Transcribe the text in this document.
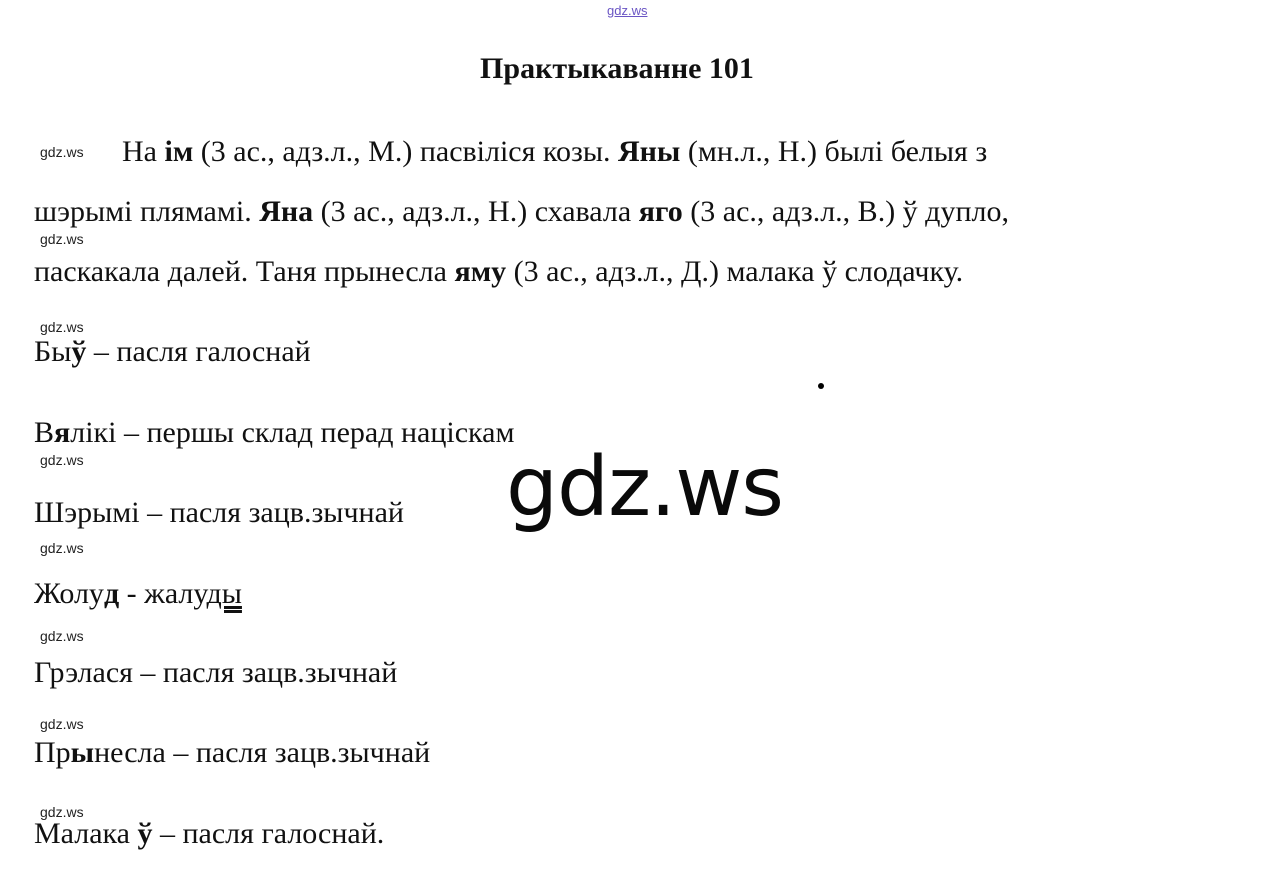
gdz.ws
Практыкаванне 101
gdz.ws На ім (3 ас., адз.л., М.) пасвіліся козы. Яны (мн.л., Н.) былі белыя з
шэрымі плямамі. Яна (3 ас., адз.л., Н.) схавала яго (3 ас., адз.л., В.) ў дупло,
gdz.ws
паскакала далей. Таня прынесла яму (3 ас., адз.л., Д.) малака ў слодачку.
gdz.ws
Быў – пасля галоснай
Вялікі – першы склад перад націскам
gdz.ws
Шэрымі – пасля зацв.зычнай
gdz.ws
Жолуд - жалуды
gdz.ws
Грэлася – пасля зацв.зычнай
gdz.ws
Прынесла – пасля зацв.зычнай
gdz.ws
Малака ў – пасля галоснай.
gdz.ws
